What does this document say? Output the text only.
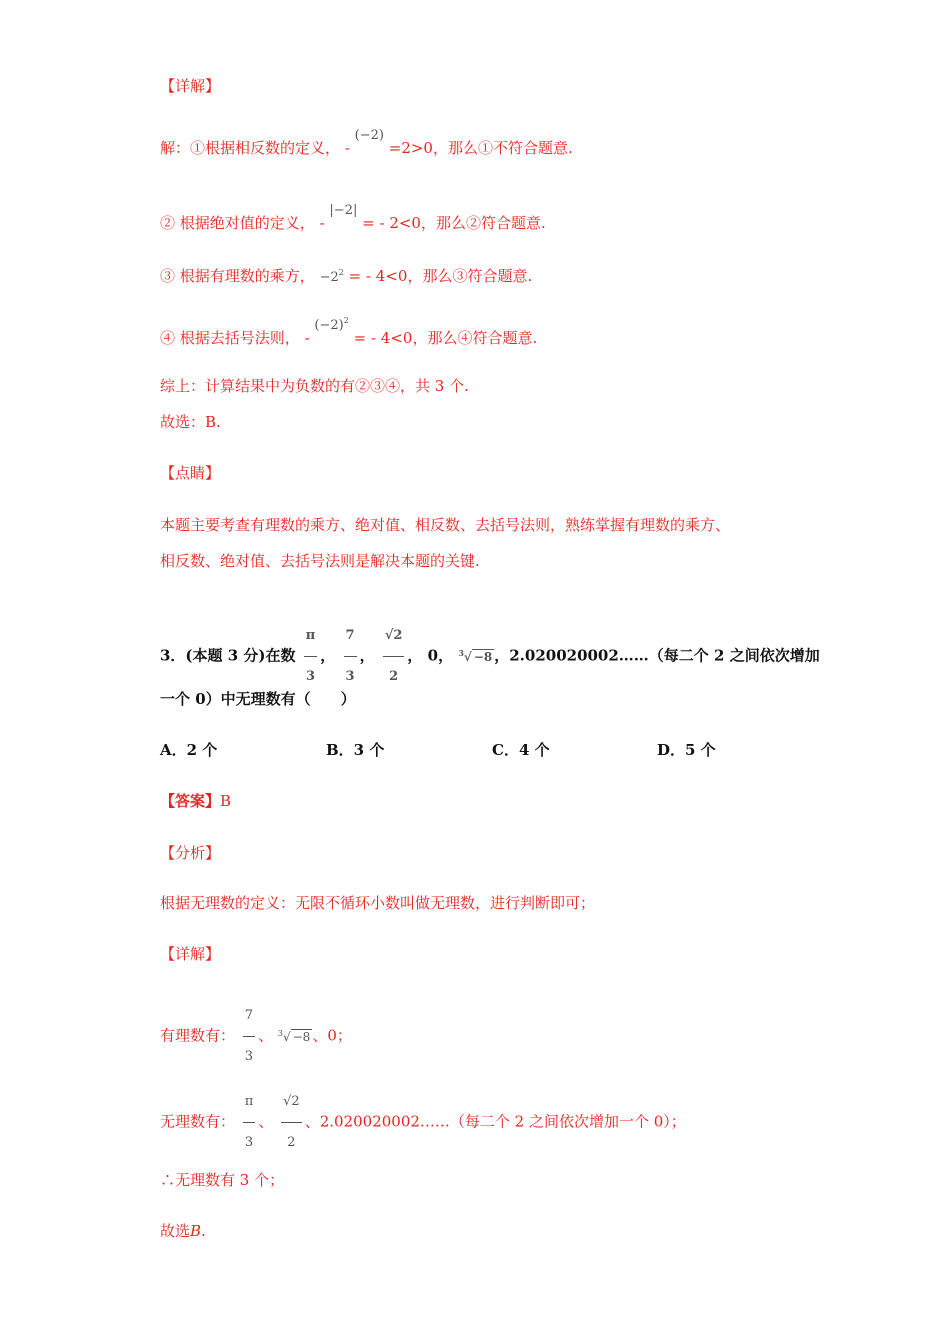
【详解】
解：①根据相反数的定义， - (−2) =2>0，那么①不符合题意.
② 根据绝对值的定义， - |−2| = - 2<0，那么②符合题意.
③ 根据有理数的乘方， $-2^2$ = - 4<0，那么③符合题意.
④ 根据去括号法则， - $(-2)^2$ = - 4<0，那么④符合题意.
综上：计算结果中为负数的有②③④，共 3 个.
故选：B.
【点睛】
本题主要考查有理数的乘方、绝对值、相反数、去括号法则，熟练掌握有理数的乘方、
相反数、绝对值、去括号法则是解决本题的关键.
3．(本题 3 分)在数 $\frac{\pi}{3}$ ， $\frac{7}{3}$ ， $\frac{√2}{2}$ ， 0， $^3$√ −8 ，2.020020002……（每二个 2 之间依次增加
一个 0）中无理数有（　　）
A．2 个	B．3 个	C．4 个	D．5 个
【答案】B
【分析】
根据无理数的定义：无限不循环小数叫做无理数，进行判断即可；
【详解】
有理数有： $\frac{7}{3}$ 、 $^3$√ −8 、0；
无理数有： $\frac{\pi}{3}$ 、 $\frac{√2}{2}$ 、2.020020002……（每二个 2 之间依次增加一个 0）；
∴无理数有 3 个；
故选B.
